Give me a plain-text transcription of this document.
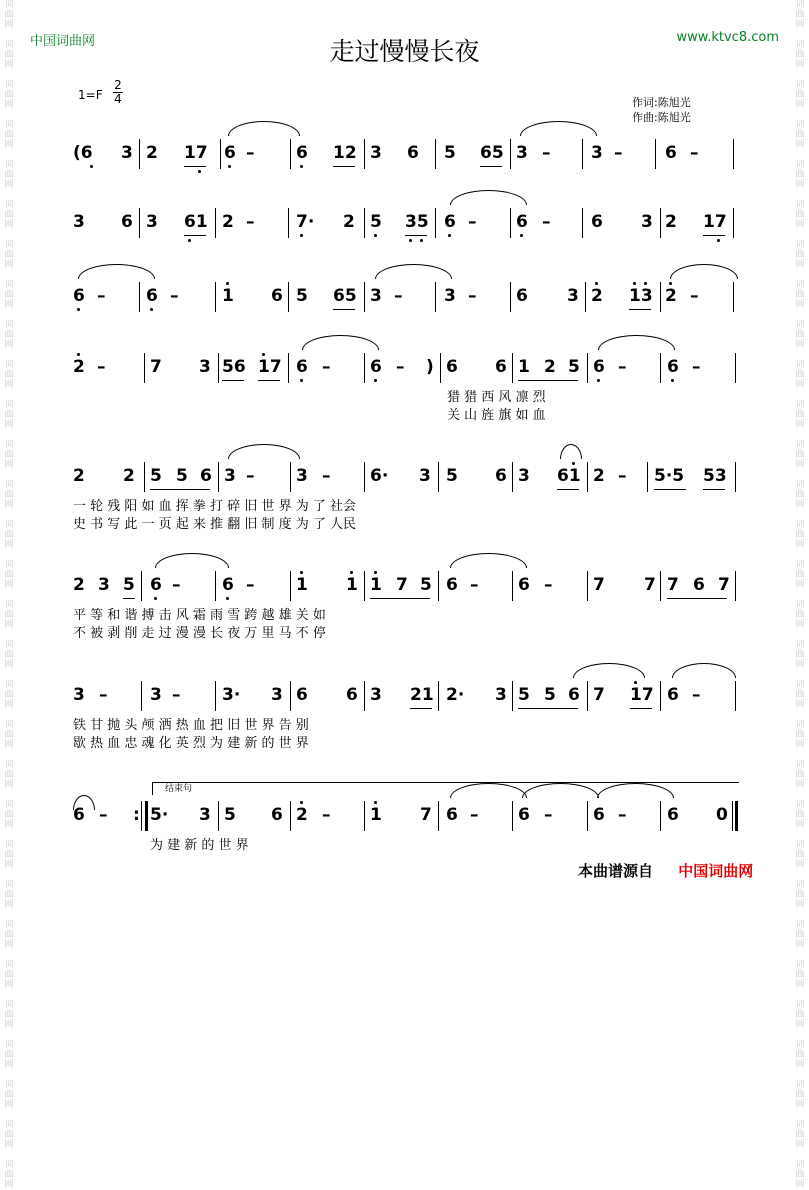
词
曲
网

词
曲
网

词
曲
网

词
曲
网

词
曲
网

词
曲
网

词
曲
网

词
曲
网

词
曲
网

词
曲
网

词
曲
网

词
曲
网

词
曲
网

词
曲
网

词
曲
网

词
曲
网

词
曲
网

词
曲
网

词
曲
网

词
曲
网

词
曲
网

词
曲
网

词
曲
网

词
曲
网

词
曲
网

词
曲
网

词
曲
网

词
曲
网

词
曲
网

词
曲
网

词
曲
网

词
曲
网

词
曲
网

词
曲
网

词
曲
网

词
曲
网

词
曲
网

词
曲
网

词
曲
网

词
曲
网

词
曲
网

词
曲
网

词
曲
网

词
曲
网

词
曲
网

词
曲
网

词
曲
网

词
曲
网

词
曲
网

词
曲
网

词
曲
网

词
曲
网

词
曲
网

词
曲
网

词
曲
网

词
曲
网

词
曲
网

词
曲
网

词
曲
网

词
曲
网

中国词曲网	www.ktvc8.com
走过慢慢长夜
1=F
2
4	作词:陈旭光
作曲:陈旭光
(6 3 2 17 6 – 6 12 3 6 5 65 3 – 3 –	6 –
3 6 3 61 2 – 7· 2 5 35 6 – 6 – 6 3 2 17
6 – 6 –	1 6 5 65 3 – 3 – 6 3 2 13 2 –
2 –	7 3 56 17 6 – 6 – ) 6 6 1 2 5 6 – 6 –
猎 猎 西 风 凛 烈
关 山 旌 旗 如 血
2 2 5 5 6 3 – 3 – 6· 3 5 6 3 61 2 – 5·5 53
一 轮 残 阳 如 血 挥 拳 打 碎 旧 世 界 为 了 社会
史 书 写 此 一 页 起 来 推 翻 旧 制 度 为 了 人民
2 3 5 6 – 6 – 1 1 1 7 5 6 – 6 – 7 7 7 6 7
平 等 和 谐 搏 击 风 霜 雨 雪 跨 越 雄 关 如
不 被 剥 削 走 过 漫 漫 长 夜 万 里 马 不 停
3 –	3 – 3· 3 6 6 3 21 2· 3 5 5 6 7 17 6 –
铁 甘 抛 头 颅 洒 热 血 把 旧 世 界 告 别
歇 热 血 忠 魂 化 英 烈 为 建 新 的 世 界
结束句
6 – : 5· 3 5 6 2 – 1 7 6 – 6 – 6 – 6 0
为 建 新 的 世 界
本曲谱源自 中国词曲网
